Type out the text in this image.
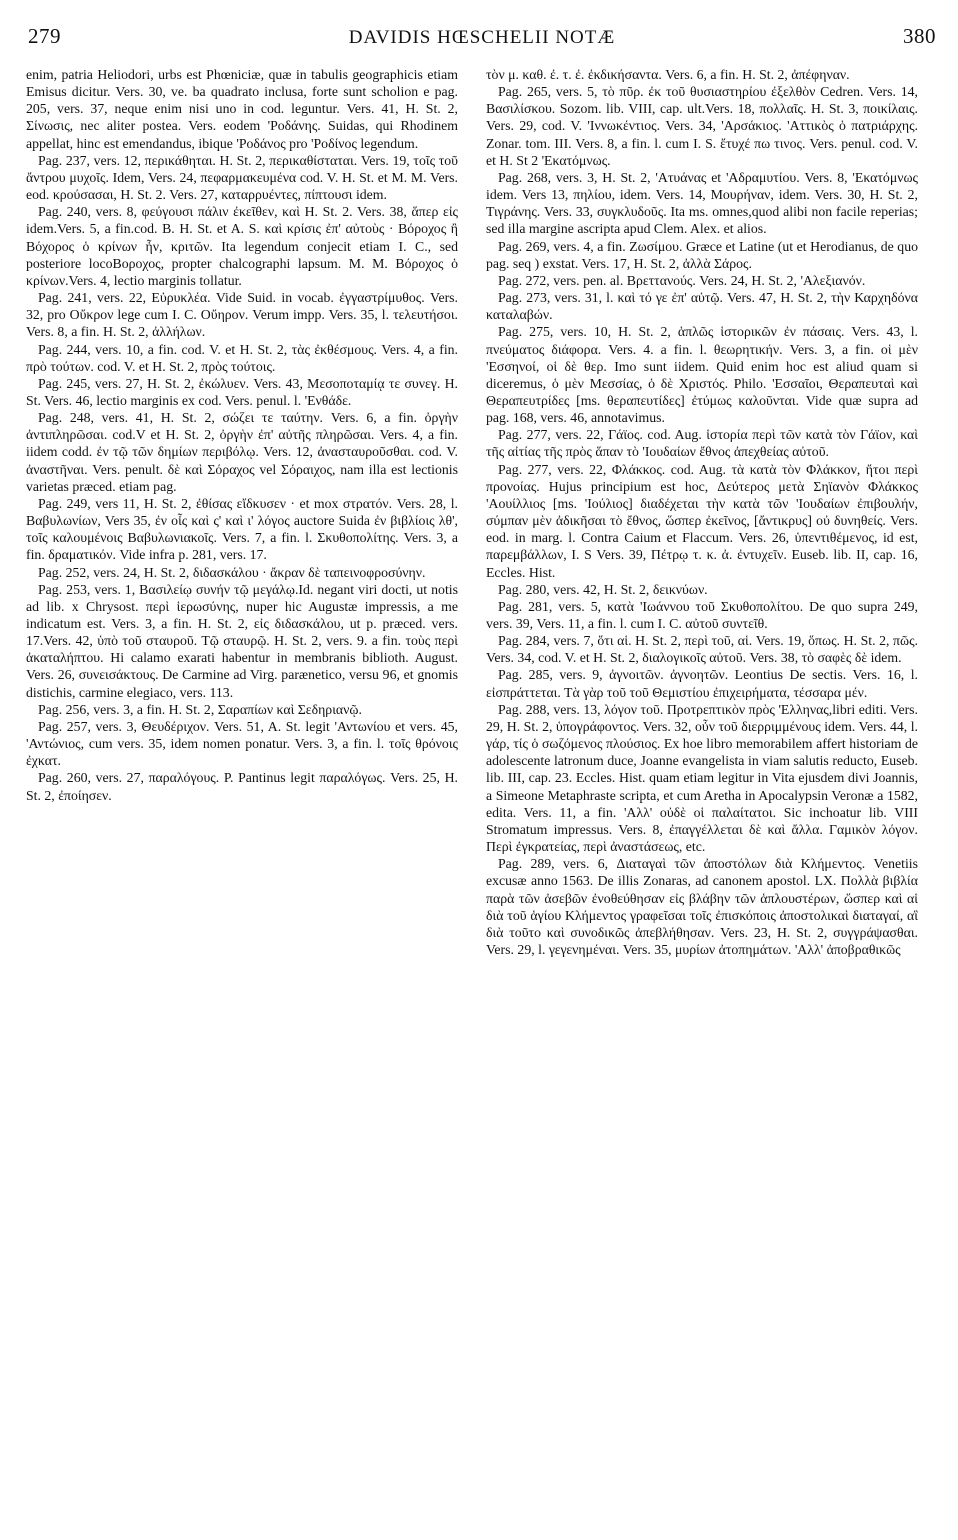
279	DAVIDIS HŒSCHELII NOTÆ	380

enim, patria Heliodori, urbs est Phœniciæ, quæ in tabulis geographicis etiam Emisus dicitur. Vers. 30, ve. ba quadrato inclusa, forte sunt scholion e pag. 205, vers. 37, neque enim nisi uno in cod. leguntur. Vers. 41, H. St. 2, Σίνωσις, nec aliter postea. Vers. eodem 'Ροδάνης. Suidas, qui Rhodinem appellat, hinc est emendandus, ibique 'Ροδάνος pro 'Ροδίνος legendum.

Pag. 237, vers. 12, περικάθηται. H. St. 2, περικαθίσταται. Vers. 19, τοῖς τοῦ ἄντρου μυχοῖς. Idem, Vers. 24, πεφαρμακευμένα cod. V. H. St. et M. M. Vers. eod. κρούσασαι, H. St. 2. Vers. 27, καταρρυέντες, πίπτουσι idem.

Pag. 240, vers. 8, φεύγουσι πάλιν ἐκεῖθεν, καὶ H. St. 2. Vers. 38, ἅπερ εἰς idem.Vers. 5, a fin.cod. B. H. St. et A. S. καὶ κρίσις ἐπ' αὐτοὺς · Βόροχος ἢ Βόχορος ὁ κρίνων ἦν, κριτῶν. Ita legendum conjecit etiam I. C., sed posteriore locoΒοροχος, propter chalcographi lapsum. M. M. Βόροχος ὁ κρίνων.Vers. 4, lectio marginis tollatur.

Pag. 241, vers. 22, Εὐρυκλέα. Vide Suid. in vocab. ἐγγαστρίμυθος. Vers. 32, pro Οὔκρον lege cum I. C. Οὔηρον. Verum impp. Vers. 35, l. τελευτήσοι. Vers. 8, a fin. H. St. 2, ἀλλήλων.

Pag. 244, vers. 10, a fin. cod. V. et H. St. 2, τὰς ἐκθέσμους. Vers. 4, a fin. πρὸ τούτων. cod. V. et H. St. 2, πρὸς τούτοις.

Pag. 245, vers. 27, H. St. 2, ἐκώλυεν. Vers. 43, Μεσοποταμίᾳ τε συνεγ. H. St. Vers. 46, lectio marginis ex cod. Vers. penul. l. 'Ενθάδε.

Pag. 248, vers. 41, H. St. 2, σώζει τε ταύτην. Vers. 6, a fin. ὀργὴν ἀντιπληρῶσαι. cod.V et H. St. 2, ὀργὴν ἐπ' αὐτῆς πληρῶσαι. Vers. 4, a fin. iidem codd. ἐν τῷ τῶν δημίων περιβόλῳ. Vers. 12, ἀνασταυροῦσθαι. cod. V. ἀναστῆναι. Vers. penult. δὲ καὶ Σόραχος vel Σόραιχος, nam illa est lectionis varietas præced. etiam pag.

Pag. 249, vers 11, H. St. 2, ἐθίσας εἴδκυσεν · et mox στρατόν. Vers. 28, l. Βαβυλωνίων, Vers 35, ἐν οἷς καὶ ς' καὶ ι' λόγος auctore Suida ἐν βιβλίοις λθ', τοῖς καλουμένοις Βαβυλωνιακοῖς. Vers. 7, a fin. l. Σκυθοπολίτης. Vers. 3, a fin. δραματικόν. Vide infra p. 281, vers. 17.

Pag. 252, vers. 24, H. St. 2, διδασκάλου · ἄκραν δὲ ταπεινοφροσύνην.

Pag. 253, vers. 1, Βασιλείῳ συνήν τῷ μεγάλῳ.Id. negant viri docti, ut notis ad lib. x Chrysost. περὶ ἱερωσύνης, nuper hic Augustæ impressis, a me indicatum est. Vers. 3, a fin. H. St. 2, εἰς διδασκάλου, ut p. præced. vers. 17.Vers. 42, ὑπὸ τοῦ σταυροῦ. Τῷ σταυρῷ. H. St. 2, vers. 9. a fin. τοὺς περὶ ἀκαταλήπτου. Hi calamo exarati habentur in membranis biblioth. August. Vers. 26, συνεισάκτους. De Carmine ad Virg. parænetico, versu 96, et gnomis distichis, carmine elegiaco, vers. 113.

Pag. 256, vers. 3, a fin. H. St. 2, Σαραπίων καὶ Σεδηριανῷ.

Pag. 257, vers. 3, Θευδέριχον. Vers. 51, A. St. legit 'Αντωνίου et vers. 45, 'Αντώνιος, cum vers. 35, idem nomen ponatur. Vers. 3, a fin. l. τοῖς θρόνοις ἐχκατ.

Pag. 260, vers. 27, παραλόγους. P. Pantinus legit παραλόγως. Vers. 25, H. St. 2, ἐποίησεν.

τὸν μ. καθ. ἐ. τ. ἐ. ἐκδικήσαντα. Vers. 6, a fin. H. St. 2, ἀπέφηναν.

Pag. 265, vers. 5, τὸ πῦρ. ἐκ τοῦ θυσιαστηρίου ἐξελθὸν Cedren. Vers. 14, Βασιλίσκου. Sozom. lib. VIII, cap. ult.Vers. 18, πολλαῖς. H. St. 3, ποικίλαις. Vers. 29, cod. V. 'Ιννωκέντιος. Vers. 34, 'Αρσάκιος. 'Αττικὸς ὁ πατριάρχης. Zonar. tom. III. Vers. 8, a fin. l. cum I. S. ἔτυχέ πω τινος. Vers. penul. cod. V. et H. St 2 'Εκατόμνως.

Pag. 268, vers. 3, H. St. 2, 'Ατυάνας et 'Αδραμυτίου. Vers. 8, 'Εκατόμνως idem. Vers 13, πηλίου, idem. Vers. 14, Μουρήναν, idem. Vers. 30, H. St. 2, Τιγράνης. Vers. 33, συγκλυδοῦς. Ita ms. omnes,quod alibi non facile reperias; sed illa margine ascripta apud Clem. Alex. et alios.

Pag. 269, vers. 4, a fin. Ζωσίμου. Græce et Latine (ut et Herodianus, de quo pag. seq ) exstat. Vers. 17, H. St. 2, ἀλλὰ Σάρος.

Pag. 272, vers. pen. al. Βρεττανούς. Vers. 24, H. St. 2, 'Αλεξιανόν.

Pag. 273, vers. 31, l. καὶ τό γε ἐπ' αὐτῷ. Vers. 47, H. St. 2, τὴν Καρχηδόνα καταλαβών.

Pag. 275, vers. 10, H. St. 2, ἁπλῶς ἱστορικῶν ἐν πάσαις. Vers. 43, l. πνεύματος διάφορα. Vers. 4. a fin. l. θεωρητικήν. Vers. 3, a fin. οἱ μὲν 'Εσσηνοί, οἱ δὲ θερ. Imo sunt iidem. Quid enim hoc est aliud quam si diceremus, ὁ μὲν Μεσσίας, ὁ δὲ Χριστός. Philo. 'Εσσαῖοι, Θεραπευταὶ καὶ Θεραπευτρίδες [ms. θεραπευτίδες] ἐτύμως καλοῦνται. Vide quæ supra ad pag. 168, vers. 46, annotavimus.

Pag. 277, vers. 22, Γάϊος. cod. Aug. ἱστορία περὶ τῶν κατὰ τὸν Γάϊον, καὶ τῆς αἰτίας τῆς πρὸς ἅπαν τὸ 'Ιουδαίων ἔθνος ἀπεχθείας αὐτοῦ.

Pag. 277, vers. 22, Φλάκκος. cod. Aug. τὰ κατὰ τὸν Φλάκκον, ἤτοι περὶ προνοίας. Hujus principium est hoc, Δεύτερος μετὰ Σηϊανὸν Φλάκκος 'Αουίλλιος [ms. 'Ιούλιος] διαδέχεται τὴν κατὰ τῶν 'Ιουδαίων ἐπιβουλήν, σύμπαν μὲν ἀδικῆσαι τὸ ἔθνος, ὥσπερ ἐκεῖνος, [ἄντικρυς] οὐ δυνηθείς. Vers. eod. in marg. l. Contra Caium et Flaccum. Vers. 26, ὑπεντιθέμενος, id est, παρεμβάλλων, I. S Vers. 39, Πέτρῳ τ. κ. ἀ. ἐντυχεῖν. Euseb. lib. II, cap. 16, Eccles. Hist.

Pag. 280, vers. 42, H. St. 2, δεικνύων.

Pag. 281, vers. 5, κατὰ 'Ιωάννου τοῦ Σκυθοπολίτου. De quo supra 249, vers. 39, Vers. 11, a fin. l. cum I. C. αὐτοῦ συντεῖθ.

Pag. 284, vers. 7, ὅτι αἱ. H. St. 2, περὶ τοῦ, αἱ. Vers. 19, ὅπως. H. St. 2, πῶς. Vers. 34, cod. V. et H. St. 2, διαλογικοῖς αὐτοῦ. Vers. 38, τὸ σαφὲς δὲ idem.

Pag. 285, vers. 9, ἀγνοιτῶν. ἀγνοητῶν. Leontius De sectis. Vers. 16, l. εἰσπράττεται. Τὰ γὰρ τοῦ τοῦ Θεμιστίου ἐπιχειρήματα, τέσσαρα μέν.

Pag. 288, vers. 13, λόγον τοῦ. Προτρεπτικὸν πρὸς 'Ελληνας,libri editi. Vers. 29, H. St. 2, ὑπογράφοντος. Vers. 32, οὖν τοῦ διερριμμένους idem. Vers. 44, l. γάρ, τίς ὁ σωζόμενος πλούσιος. Ex hoe libro memorabilem affert historiam de adolescente latronum duce, Joanne evangelista in viam salutis reducto, Euseb. lib. III, cap. 23. Eccles. Hist. quam etiam legitur in Vita ejusdem divi Joannis, a Simeone Metaphraste scripta, et cum Aretha in Apocalypsin Veronæ a 1582, edita. Vers. 11, a fin. 'Αλλ' οὐδὲ οἱ παλαίτατοι. Sic inchoatur lib. VIII Stromatum impressus. Vers. 8, ἐπαγγέλλεται δὲ καὶ ἄλλα. Γαμικὸν λόγον. Περὶ ἐγκρατείας, περὶ ἀναστάσεως, etc.

Pag. 289, vers. 6, Διαταγαὶ τῶν ἀποστόλων διὰ Κλήμεντος. Venetiis excusæ anno 1563. De illis Zonaras, ad canonem apostol. LX. Πολλὰ βιβλία παρὰ τῶν ἀσεβῶν ἐνοθεύθησαν εἰς βλάβην τῶν ἁπλουστέρων, ὥσπερ καὶ αἱ διὰ τοῦ ἁγίου Κλήμεντος γραφεῖσαι τοῖς ἐπισκόποις ἀποστολικαὶ διαταγαί, αἳ διὰ τοῦτο καὶ συνοδικῶς ἀπεβλήθησαν. Vers. 23, H. St. 2, συγγράψασθαι. Vers. 29, l. γεγενημέναι. Vers. 35, μυρίων ἀτοπημάτων. 'Αλλ' ἀποβραθικῶς
